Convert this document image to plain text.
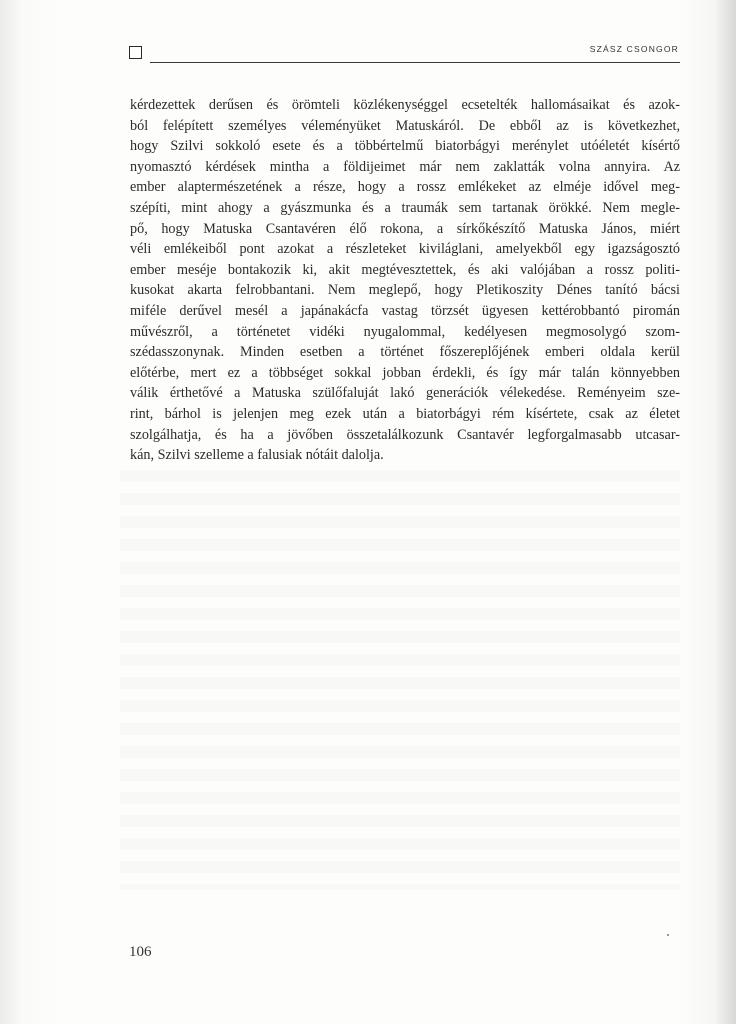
SZÁSZ CSONGOR
kérdezettek derűsen és örömteli közlékenységgel ecsetelték hallomásaikat és azok-
ból felépített személyes véleményüket Matuskáról. De ebből az is következhet,
hogy Szilvi sokkoló esete és a többértelmű biatorbágyi merénylet utóéletét kísértő
nyomasztó kérdések mintha a földijeimet már nem zaklatták volna annyira. Az
ember alaptermészetének a része, hogy a rossz emlékeket az elméje idővel meg-
szépíti, mint ahogy a gyászmunka és a traumák sem tartanak örökké. Nem megle-
pő, hogy Matuska Csantavéren élő rokona, a sírkőkészítő Matuska János, miért
véli emlékeiből pont azokat a részleteket kiviláglani, amelyekből egy igazságosztó
ember meséje bontakozik ki, akit megtévesztettek, és aki valójában a rossz politi-
kusokat akarta felrobbantani. Nem meglepő, hogy Pletikoszity Dénes tanító bácsi
miféle derűvel mesél a japánakácfa vastag törzsét ügyesen kettérobbantó piromán
művészről, a történetet vidéki nyugalommal, kedélyesen megmosolygó szom-
szédasszonynak. Minden esetben a történet főszereplőjének emberi oldala kerül
előtérbe, mert ez a többséget sokkal jobban érdekli, és így már talán könnyebben
válik érthetővé a Matuska szülőfaluját lakó generációk vélekedése. Reményeim sze-
rint, bárhol is jelenjen meg ezek után a biatorbágyi rém kísértete, csak az életet
szolgálhatja, és ha a jövőben összetalálkozunk Csantavér legforgalmasabb utcasar-
kán, Szilvi szelleme a falusiak nótáit dalolja.
106
